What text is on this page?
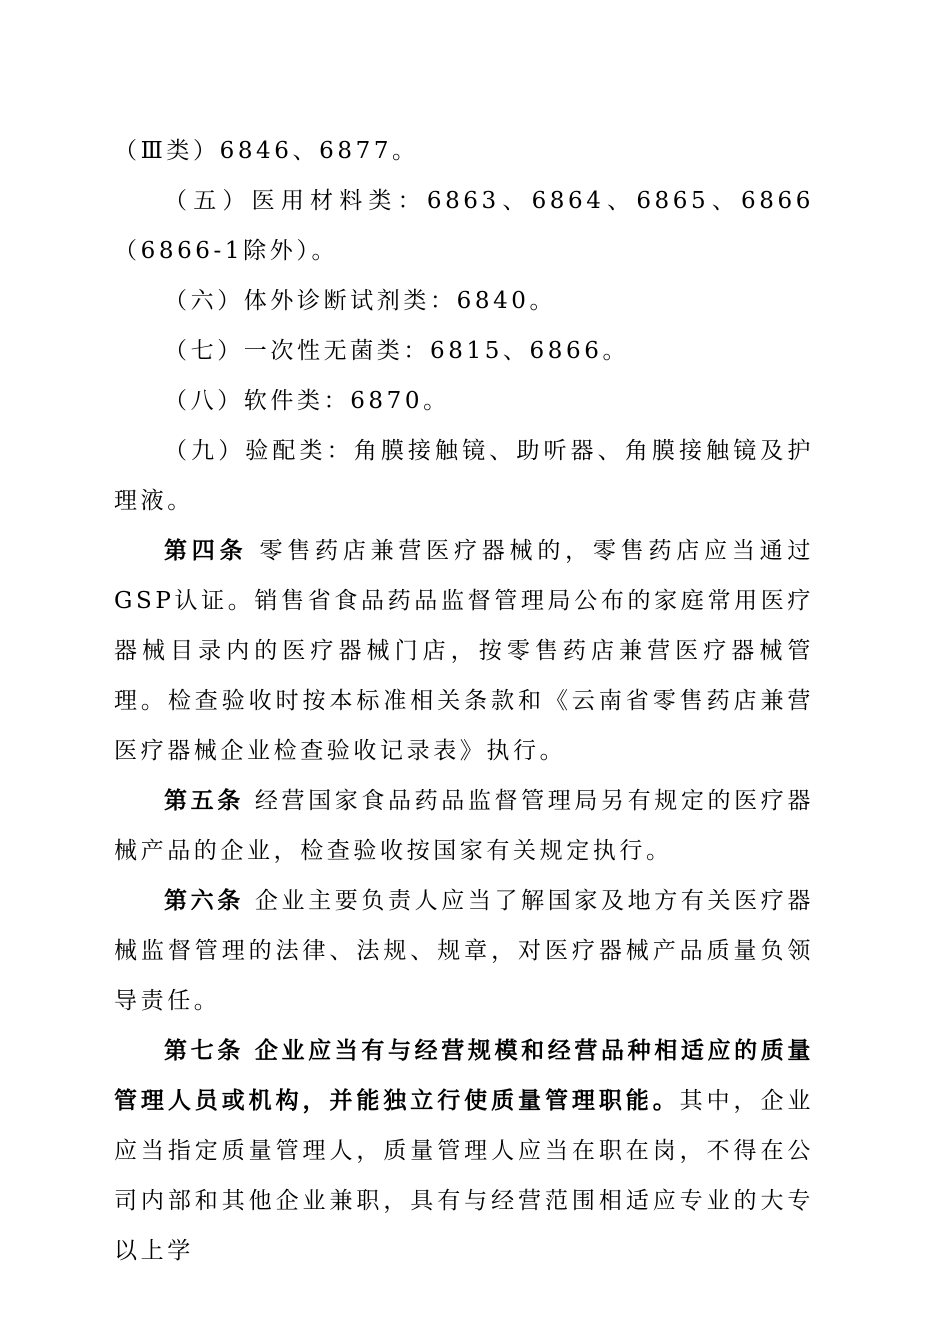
（Ⅲ类）6846、6877。

（五）医用材料类：6863、6864、6865、6866（6866-1除外）。

（六）体外诊断试剂类：6840。

（七）一次性无菌类：6815、6866。

（八）软件类：6870。

（九）验配类：角膜接触镜、助听器、角膜接触镜及护理液。

第四条 零售药店兼营医疗器械的，零售药店应当通过GSP认证。销售省食品药品监督管理局公布的家庭常用医疗器械目录内的医疗器械门店，按零售药店兼营医疗器械管理。检查验收时按本标准相关条款和《云南省零售药店兼营医疗器械企业检查验收记录表》执行。

第五条 经营国家食品药品监督管理局另有规定的医疗器械产品的企业，检查验收按国家有关规定执行。

第六条 企业主要负责人应当了解国家及地方有关医疗器械监督管理的法律、法规、规章，对医疗器械产品质量负领导责任。

第七条 企业应当有与经营规模和经营品种相适应的质量管理人员或机构，并能独立行使质量管理职能。其中，企业应当指定质量管理人，质量管理人应当在职在岗，不得在公司内部和其他企业兼职，具有与经营范围相适应专业的大专以上学
